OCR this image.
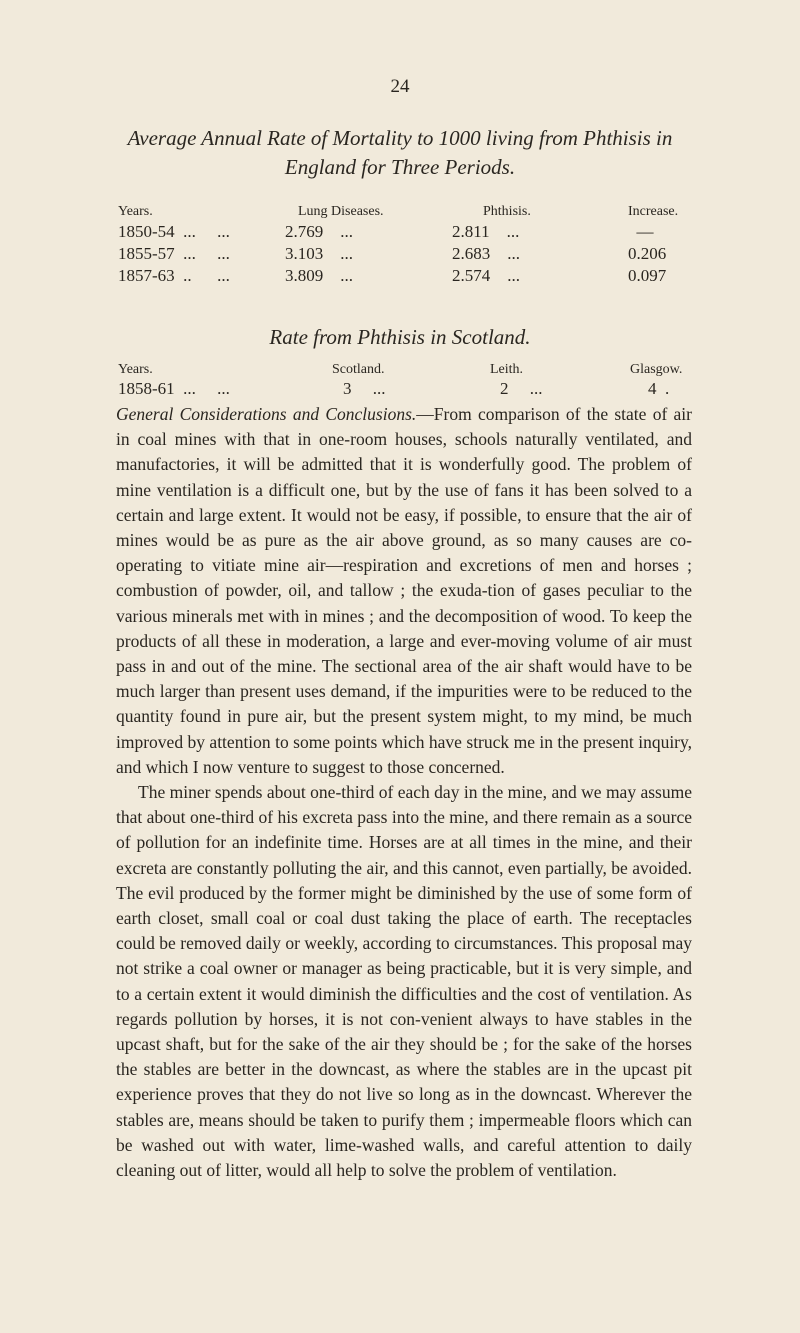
24
Average Annual Rate of Mortality to 1000 living from Phthisis in
England for Three Periods.
Years.	Lung Diseases.	Phthisis.	Increase.
1850-54  ...     ...	2.769    ...	2.811    ...	—
1855-57  ...     ...	3.103    ...	2.683    ...	0.206
1857-63  ..      ...	3.809    ...	2.574    ...	0.097
Rate from Phthisis in Scotland.
Years.	Scotland.	Leith.	Glasgow.
1858-61  ...     ...	3     ...	2     ...	4  .

General Considerations and Conclusions.—From comparison of the state of air in coal mines with that in one-room houses, schools naturally ventilated, and manufactories, it will be admitted that it is wonderfully good. The problem of mine ventilation is a difficult one, but by the use of fans it has been solved to a certain and large extent. It would not be easy, if possible, to ensure that the air of mines would be as pure as the air above ground, as so many causes are co-operating to vitiate mine air—respiration and excretions of men and horses ; combustion of powder, oil, and tallow ; the exuda-tion of gases peculiar to the various minerals met with in mines ; and the decomposition of wood. To keep the products of all these in moderation, a large and ever-moving volume of air must pass in and out of the mine. The sectional area of the air shaft would have to be much larger than present uses demand, if the impurities were to be reduced to the quantity found in pure air, but the present system might, to my mind, be much improved by attention to some points which have struck me in the present inquiry, and which I now venture to suggest to those concerned.

The miner spends about one-third of each day in the mine, and we may assume that about one-third of his excreta pass into the mine, and there remain as a source of pollution for an indefinite time. Horses are at all times in the mine, and their excreta are constantly polluting the air, and this cannot, even partially, be avoided. The evil produced by the former might be diminished by the use of some form of earth closet, small coal or coal dust taking the place of earth. The receptacles could be removed daily or weekly, according to circumstances. This proposal may not strike a coal owner or manager as being practicable, but it is very simple, and to a certain extent it would diminish the difficulties and the cost of ventilation. As regards pollution by horses, it is not con-venient always to have stables in the upcast shaft, but for the sake of the air they should be ; for the sake of the horses the stables are better in the downcast, as where the stables are in the upcast pit experience proves that they do not live so long as in the downcast. Wherever the stables are, means should be taken to purify them ; impermeable floors which can be washed out with water, lime-washed walls, and careful attention to daily cleaning out of litter, would all help to solve the problem of ventilation.
